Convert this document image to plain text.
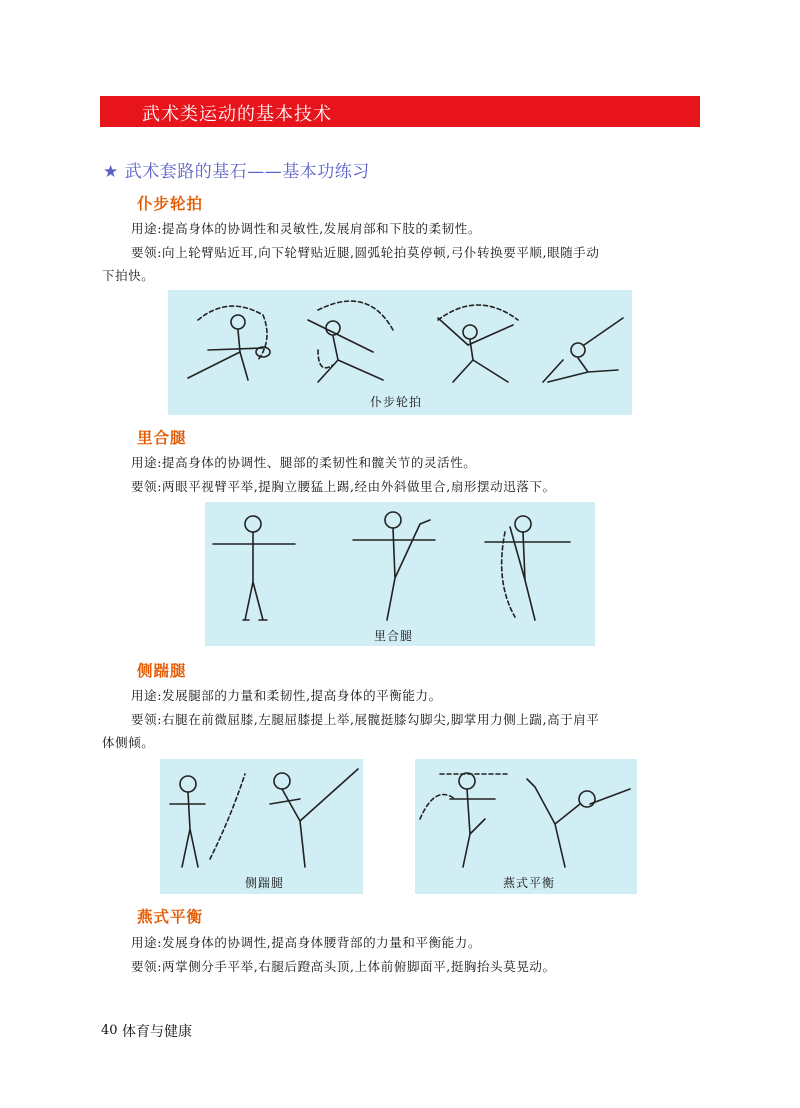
武术类运动的基本技术
★ 武术套路的基石——基本功练习
仆步轮拍
用途:提高身体的协调性和灵敏性,发展肩部和下肢的柔韧性。
要领:向上轮臂贴近耳,向下轮臂贴近腿,圆弧轮拍莫停顿,弓仆转换要平顺,眼随手动
下拍快。
仆步轮拍
里合腿
用途:提高身体的协调性、腿部的柔韧性和髋关节的灵活性。
要领:两眼平视臂平举,提胸立腰猛上踢,经由外斜做里合,扇形摆动迅落下。
里合腿
侧踹腿
用途:发展腿部的力量和柔韧性,提高身体的平衡能力。
要领:右腿在前微屈膝,左腿屈膝提上举,展髋挺膝勾脚尖,脚掌用力侧上踹,高于肩平
体侧倾。
侧踹腿	燕式平衡
燕式平衡
用途:发展身体的协调性,提高身体腰背部的力量和平衡能力。
要领:两掌侧分手平举,右腿后蹬高头顶,上体前俯脚面平,挺胸抬头莫晃动。
40 体育与健康
